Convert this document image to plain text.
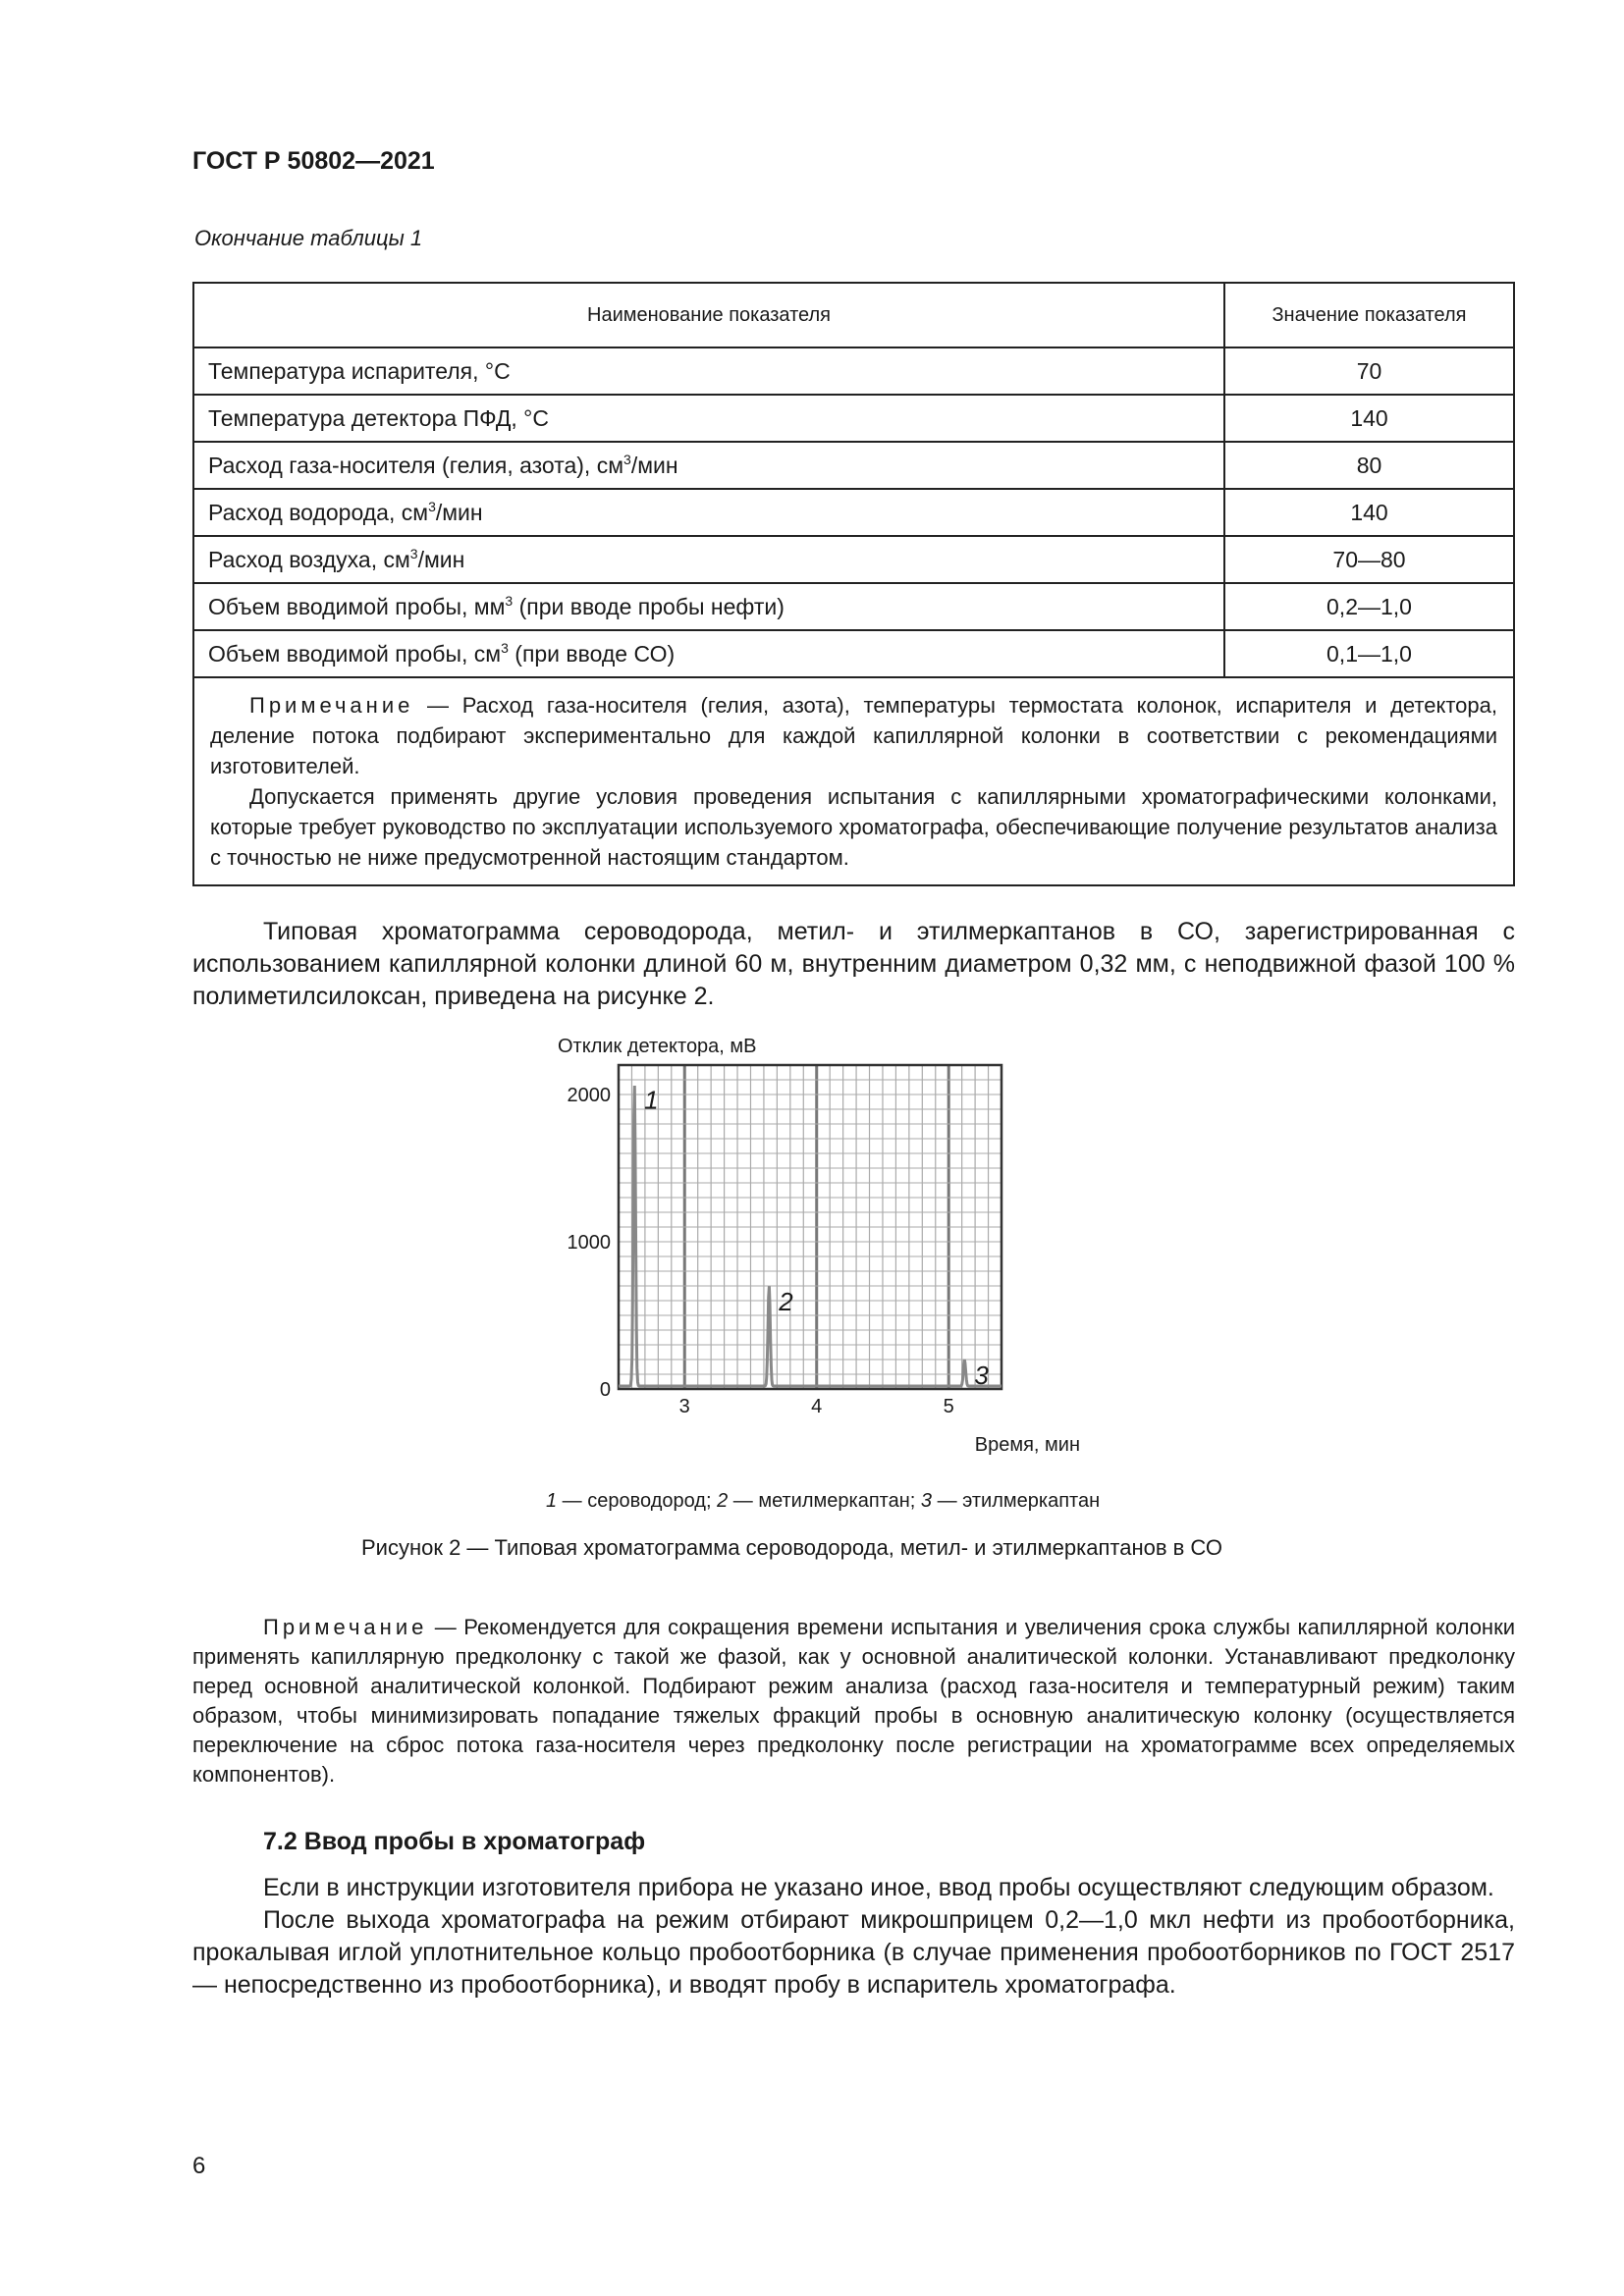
ГОСТ Р 50802—2021
Окончание таблицы 1
Наименование показателя	Значение показателя
Температура испарителя, °С	70
Температура детектора ПФД, °С	140
Расход газа-носителя (гелия, азота), $см^3$/мин	80
Расход водорода, $см^3$/мин	140
Расход воздуха, $см^3$/мин	70—80
Объем вводимой пробы, $мм^3$ (при вводе пробы нефти)	0,2—1,0
Объем вводимой пробы, $см^3$ (при вводе СО)	0,1—1,0

Примечание — Расход газа-носителя (гелия, азота), температуры термостата колонок, испарителя и детектора, деление потока подбирают экспериментально для каждой капиллярной колонки в соответствии с рекомендациями изготовителей.

Допускается применять другие условия проведения испытания с капиллярными хроматографическими колонками, которые требует руководство по эксплуатации используемого хроматографа, обеспечивающие получение результатов анализа с точностью не ниже предусмотренной настоящим стандартом.	

Типовая хроматограмма сероводорода, метил- и этилмеркаптанов в СО, зарегистрированная с использованием капиллярной колонки длиной 60 м, внутренним диаметром 0,32 мм, с неподвижной фазой 100 % полиметилсилоксан, приведена на рисунке 2.

3	4	5
0
1000
2000 1
2
3
Отклик детектора, мВ
Время, мин
1 — сероводород; 2 — метилмеркаптан; 3 — этилмеркаптан
Рисунок 2 — Типовая хроматограмма сероводорода, метил- и этилмеркаптанов в СО

Примечание — Рекомендуется для сокращения времени испытания и увеличения срока службы капиллярной колонки применять капиллярную предколонку с такой же фазой, как у основной аналитической колонки. Устанавливают предколонку перед основной аналитической колонкой. Подбирают режим анализа (расход газа-носителя и температурный режим) таким образом, чтобы минимизировать попадание тяжелых фракций пробы в основную аналитическую колонку (осуществляется переключение на сброс потока газа-носителя через предколонку после регистрации на хроматограмме всех определяемых компонентов).

7.2 Ввод пробы в хроматограф

Если в инструкции изготовителя прибора не указано иное, ввод пробы осуществляют следующим образом.

После выхода хроматографа на режим отбирают микрошприцем 0,2—1,0 мкл нефти из пробоотборника, прокалывая иглой уплотнительное кольцо пробоотборника (в случае применения пробоотборников по ГОСТ 2517 — непосредственно из пробоотборника), и вводят пробу в испаритель хроматографа.

6
